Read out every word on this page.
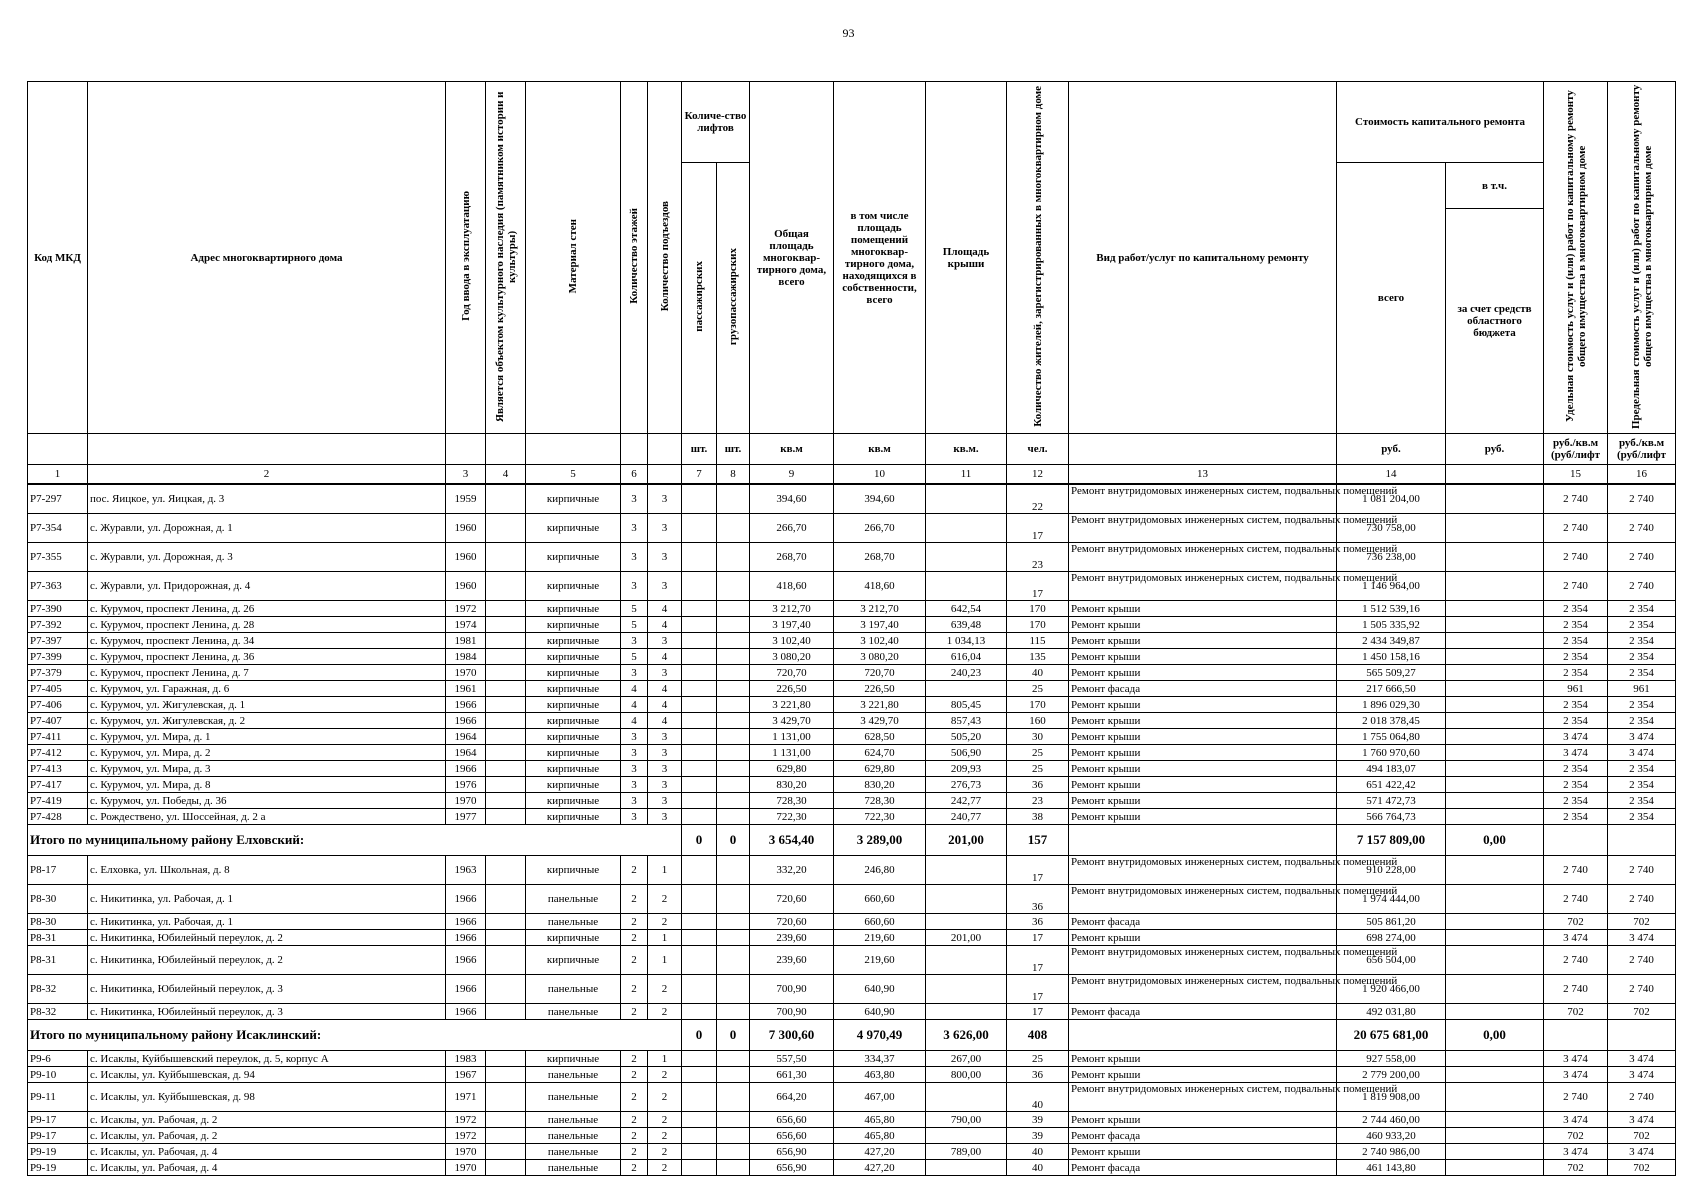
93
Код МКД	Адрес многоквартирного дома	Год ввода в эксплуатацию	Является объектом культурного наследия (памятником истории и культуры)	Материал стен	Количество этажей	Количество подъездов	Количе-ство лифтов		Общая площадь многоквар-тирного дома, всего	в том числе площадь помещений многоквар-тирного дома, находящихся в собственности, всего	Площадь крыши	Количество жителей, зарегистрированных в многоквартирном доме	Вид работ/услуг по капитальному ремонту	Стоимость капитального ремонта		Удельная стоимость услуг и (или) работ по капитальному ремонту общего имущества в многоквартирном доме	Предельная стоимость услуг и (или) работ по капитальному ремонту общего имущества в многоквартирном доме
							пассажирских	грузопассажирских						всего	в т.ч.		
															за счет средств областного бюджета		
							шт.	шт.	кв.м	кв.м	кв.м.	чел.		руб.	руб.	руб./кв.м (руб/лифт	руб./кв.м (руб/лифт
1	2	3	4	5	6		7	8	9	10	11	12	13	14		15	16
Р7-297	пос. Яицкое, ул. Яицкая, д. 3	1959		кирпичные	3	3			394,60	394,60		22	Ремонт внутридомовых инженерных систем, подвальных помещений	1 081 204,00		2 740	2 740
Р7-354	с. Журавли, ул. Дорожная, д. 1	1960		кирпичные	3	3			266,70	266,70		17	Ремонт внутридомовых инженерных систем, подвальных помещений	730 758,00		2 740	2 740
Р7-355	с. Журавли, ул. Дорожная, д. 3	1960		кирпичные	3	3			268,70	268,70		23	Ремонт внутридомовых инженерных систем, подвальных помещений	736 238,00		2 740	2 740
Р7-363	с. Журавли, ул. Придорожная, д. 4	1960		кирпичные	3	3			418,60	418,60		17	Ремонт внутридомовых инженерных систем, подвальных помещений	1 146 964,00		2 740	2 740
Р7-390	с. Курумоч, проспект Ленина, д. 26	1972		кирпичные	5	4			3 212,70	3 212,70	642,54	170	Ремонт крыши	1 512 539,16		2 354	2 354
Р7-392	с. Курумоч, проспект Ленина, д. 28	1974		кирпичные	5	4			3 197,40	3 197,40	639,48	170	Ремонт крыши	1 505 335,92		2 354	2 354
Р7-397	с. Курумоч, проспект Ленина, д. 34	1981		кирпичные	3	3			3 102,40	3 102,40	1 034,13	115	Ремонт крыши	2 434 349,87		2 354	2 354
Р7-399	с. Курумоч, проспект Ленина, д. 36	1984		кирпичные	5	4			3 080,20	3 080,20	616,04	135	Ремонт крыши	1 450 158,16		2 354	2 354
Р7-379	с. Курумоч, проспект Ленина, д. 7	1970		кирпичные	3	3			720,70	720,70	240,23	40	Ремонт крыши	565 509,27		2 354	2 354
Р7-405	с. Курумоч, ул. Гаражная, д. 6	1961		кирпичные	4	4			226,50	226,50		25	Ремонт фасада	217 666,50		961	961
Р7-406	с. Курумоч, ул. Жигулевская, д. 1	1966		кирпичные	4	4			3 221,80	3 221,80	805,45	170	Ремонт крыши	1 896 029,30		2 354	2 354
Р7-407	с. Курумоч, ул. Жигулевская, д. 2	1966		кирпичные	4	4			3 429,70	3 429,70	857,43	160	Ремонт крыши	2 018 378,45		2 354	2 354
Р7-411	с. Курумоч, ул. Мира, д. 1	1964		кирпичные	3	3			1 131,00	628,50	505,20	30	Ремонт крыши	1 755 064,80		3 474	3 474
Р7-412	с. Курумоч, ул. Мира, д. 2	1964		кирпичные	3	3			1 131,00	624,70	506,90	25	Ремонт крыши	1 760 970,60		3 474	3 474
Р7-413	с. Курумоч, ул. Мира, д. 3	1966		кирпичные	3	3			629,80	629,80	209,93	25	Ремонт крыши	494 183,07		2 354	2 354
Р7-417	с. Курумоч, ул. Мира, д. 8	1976		кирпичные	3	3			830,20	830,20	276,73	36	Ремонт крыши	651 422,42		2 354	2 354
Р7-419	с. Курумоч, ул. Победы, д. 36	1970		кирпичные	3	3			728,30	728,30	242,77	23	Ремонт крыши	571 472,73		2 354	2 354
Р7-428	с. Рождествено, ул. Шоссейная, д. 2 а	1977		кирпичные	3	3			722,30	722,30	240,77	38	Ремонт крыши	566 764,73		2 354	2 354
Итого по муниципальному району Елховский:							0	0	3 654,40	3 289,00	201,00	157		7 157 809,00	0,00		
Р8-17	с. Елховка, ул. Школьная, д. 8	1963		кирпичные	2	1			332,20	246,80		17	Ремонт внутридомовых инженерных систем, подвальных помещений	910 228,00		2 740	2 740
Р8-30	с. Никитинка, ул. Рабочая, д. 1	1966		панельные	2	2			720,60	660,60		36	Ремонт внутридомовых инженерных систем, подвальных помещений	1 974 444,00		2 740	2 740
Р8-30	с. Никитинка, ул. Рабочая, д. 1	1966		панельные	2	2			720,60	660,60		36	Ремонт фасада	505 861,20		702	702
Р8-31	с. Никитинка, Юбилейный переулок, д. 2	1966		кирпичные	2	1			239,60	219,60	201,00	17	Ремонт крыши	698 274,00		3 474	3 474
Р8-31	с. Никитинка, Юбилейный переулок, д. 2	1966		кирпичные	2	1			239,60	219,60		17	Ремонт внутридомовых инженерных систем, подвальных помещений	656 504,00		2 740	2 740
Р8-32	с. Никитинка, Юбилейный переулок, д. 3	1966		панельные	2	2			700,90	640,90		17	Ремонт внутридомовых инженерных систем, подвальных помещений	1 920 466,00		2 740	2 740
Р8-32	с. Никитинка, Юбилейный переулок, д. 3	1966		панельные	2	2			700,90	640,90		17	Ремонт фасада	492 031,80		702	702
Итого по муниципальному району Исаклинский:							0	0	7 300,60	4 970,49	3 626,00	408		20 675 681,00	0,00		
Р9-6	с. Исаклы, Куйбышевский переулок, д. 5, корпус А	1983		кирпичные	2	1			557,50	334,37	267,00	25	Ремонт крыши	927 558,00		3 474	3 474
Р9-10	с. Исаклы, ул. Куйбышевская, д. 94	1967		панельные	2	2			661,30	463,80	800,00	36	Ремонт крыши	2 779 200,00		3 474	3 474
Р9-11	с. Исаклы, ул. Куйбышевская, д. 98	1971		панельные	2	2			664,20	467,00		40	Ремонт внутридомовых инженерных систем, подвальных помещений	1 819 908,00		2 740	2 740
Р9-17	с. Исаклы, ул. Рабочая, д. 2	1972		панельные	2	2			656,60	465,80	790,00	39	Ремонт крыши	2 744 460,00		3 474	3 474
Р9-17	с. Исаклы, ул. Рабочая, д. 2	1972		панельные	2	2			656,60	465,80		39	Ремонт фасада	460 933,20		702	702
Р9-19	с. Исаклы, ул. Рабочая, д. 4	1970		панельные	2	2			656,90	427,20	789,00	40	Ремонт крыши	2 740 986,00		3 474	3 474
Р9-19	с. Исаклы, ул. Рабочая, д. 4	1970		панельные	2	2			656,90	427,20		40	Ремонт фасада	461 143,80		702	702
